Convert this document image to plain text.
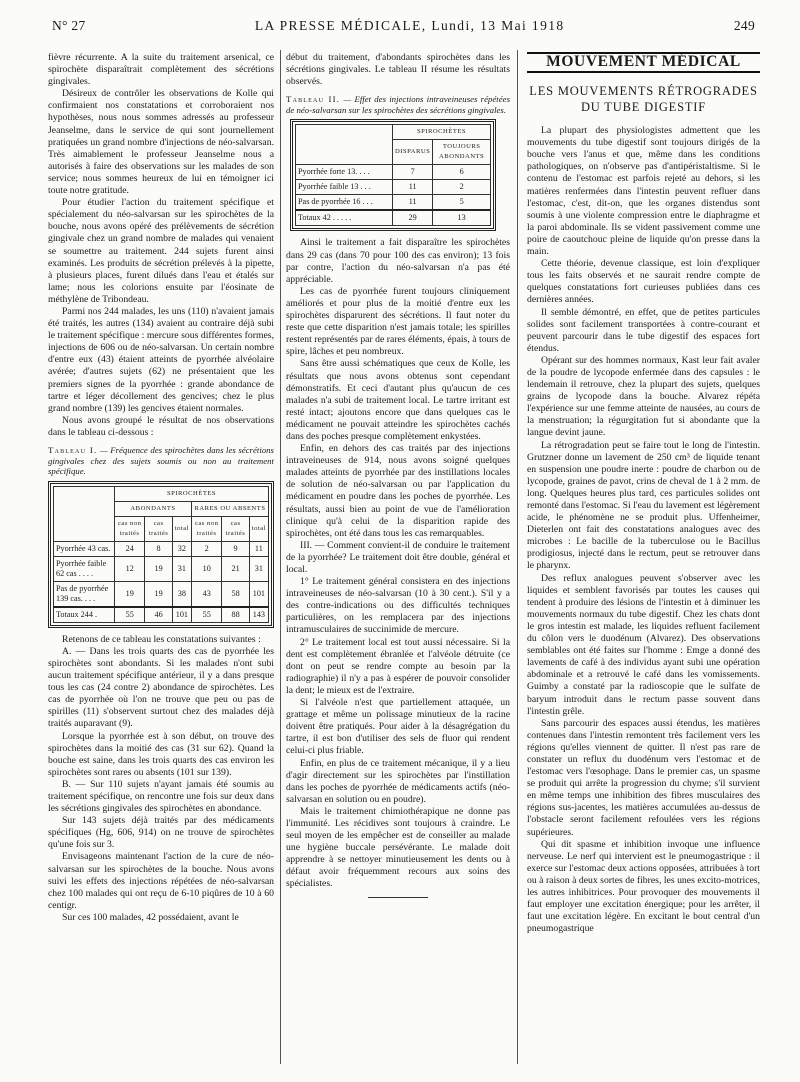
N° 27	LA PRESSE MÉDICALE, Lundi, 13 Mai 1918	249

fièvre récurrente. A la suite du traitement arsenical, ce spirochète disparaîtrait complètement des sécrétions gingivales.

Désireux de contrôler les observations de Kolle qui confirmaient nos constatations et corroboraient nos hypothèses, nous nous sommes adressés au professeur Jeanselme, dans le service de qui sont journellement pratiquées un grand nombre d'injections de néo-salvarsan. Très aimablement le professeur Jeanselme nous a autorisés à faire des observations sur les malades de son service; nous sommes heureux de lui en témoigner ici toute notre gratitude.

Pour étudier l'action du traitement spécifique et spécialement du néo-salvarsan sur les spirochètes de la bouche, nous avons opéré des prélèvements de sécrétion gingivale chez un grand nombre de malades qui venaient se soumettre au traitement. 244 sujets furent ainsi examinés. Les produits de sécrétion prélevés à la pipette, à plusieurs places, furent dilués dans l'eau et étalés sur lame; nous les colorions ensuite par l'éosinate de méthylène de Tribondeau.

Parmi nos 244 malades, les uns (110) n'avaient jamais été traités, les autres (134) avaient au contraire déjà subi le traitement spécifique : mercure sous différentes formes, injections de 606 ou de néo-salvarsan. Un certain nombre d'entre eux (43) étaient atteints de pyorrhée alvéolaire avérée; d'autres sujets (62) ne présentaient que les premiers signes de la pyorrhée : grande abondance de tartre et léger décollement des gencives; chez le plus grand nombre (139) les gencives étaient normales.

Nous avons groupé le résultat de nos observations dans le tableau ci-dessous :

Tableau I. — Fréquence des spirochètes dans les sécrétions gingivales chez des sujets soumis ou non au traitement spécifique.
	SPIROCHÈTES					
	ABONDANTS			RARES OU ABSENTS		
	cas non traités	cas traités	total	cas non traités	cas traités	total
Pyorrhée 43 cas.	24	8	32	2	9	11
Pyorrhée faible 62 cas . . . .	12	19	31	10	21	31
Pas de pyorrhée 139 cas. . . .	19	19	38	43	58	101
Totaux 244 .	55	46	101	55	88	143

Retenons de ce tableau les constatations suivantes :

A. — Dans les trois quarts des cas de pyorrhée les spirochètes sont abondants. Si les malades n'ont subi aucun traitement spécifique antérieur, il y a dans presque tous les cas (24 contre 2) abondance de spirochètes. Les cas de pyorrhée où l'on ne trouve que peu ou pas de spirilles (11) s'observent surtout chez des malades déjà traités auparavant (9).

Lorsque la pyorrhée est à son début, on trouve des spirochètes dans la moitié des cas (31 sur 62). Quand la bouche est saine, dans les trois quarts des cas environ les spirochètes sont rares ou absents (101 sur 139).

B. — Sur 110 sujets n'ayant jamais été soumis au traitement spécifique, on rencontre une fois sur deux dans les sécrétions gingivales des spirochètes en abondance.

Sur 143 sujets déjà traités par des médicaments spécifiques (Hg, 606, 914) on ne trouve de spirochètes qu'une fois sur 3.

Envisageons maintenant l'action de la cure de néo-salvarsan sur les spirochètes de la bouche. Nous avons suivi les effets des injections répétées de néo-salvarsan chez 100 malades qui ont reçu de 6-10 piqûres de 10 à 60 centigr.

Sur ces 100 malades, 42 possédaient, avant le

début du traitement, d'abondants spirochètes dans les sécrétions gingivales. Le tableau II résume les résultats observés.

Tableau II. — Effet des injections intraveineuses répétées de néo-salvarsan sur les spirochètes des sécrétions gingivales.
	SPIROCHÈTES	
	DISPARUS	TOUJOURS ABONDANTS
Pyorrhée forte 13. . . .	7	6
Pyorrhée faible 13 . . .	11	2
Pas de pyorrhée 16 . . .	11	5
Totaux 42 . . . . .	29	13

Ainsi le traitement a fait disparaître les spirochètes dans 29 cas (dans 70 pour 100 des cas environ); 13 fois par contre, l'action du néo-salvarsan n'a pas été appréciable.

Les cas de pyorrhée furent toujours cliniquement améliorés et pour plus de la moitié d'entre eux les spirochètes disparurent des sécrétions. Il faut noter du reste que cette disparition n'est jamais totale; les spirilles restent représentés par de rares éléments, épais, à tours de spire, lâches et peu nombreux.

Sans être aussi schématiques que ceux de Kolle, les résultats que nous avons obtenus sont cependant démonstratifs. Et ceci d'autant plus qu'aucun de ces malades n'a subi de traitement local. Le tartre irritant est resté intact; ajoutons encore que dans quelques cas le médicament ne pouvait atteindre les spirochètes cachés dans des poches presque complètement enkystées.

Enfin, en dehors des cas traités par des injections intraveineuses de 914, nous avons soigné quelques malades atteints de pyorrhée par des instillations locales de solution de néo-salvarsan ou par l'application du médicament en poudre dans les poches de pyorrhée. Les résultats, aussi bien au point de vue de l'amélioration clinique qu'à celui de la disparition rapide des spirochètes, ont été dans tous les cas remarquables.

III. — Comment convient-il de conduire le traitement de la pyorrhée? Le traitement doit être double, général et local.

1° Le traitement général consistera en des injections intraveineuses de néo-salvarsan (10 à 30 cent.). S'il y a des contre-indications ou des difficultés techniques particulières, on les remplacera par des injections intramusculaires de succinimide de mercure.

2° Le traitement local est tout aussi nécessaire. Si la dent est complètement ébranlée et l'alvéole détruite (ce dont on peut se rendre compte au besoin par la radiographie) il n'y a pas à espérer de pouvoir consolider la dent; le mieux est de l'extraire.

Si l'alvéole n'est que partiellement attaquée, un grattage et même un polissage minutieux de la racine doivent être pratiqués. Pour aider à la désagrégation du tartre, il est bon d'utiliser des sels de fluor qui rendent celui-ci plus friable.

Enfin, en plus de ce traitement mécanique, il y a lieu d'agir directement sur les spirochètes par l'instillation dans les poches de pyorrhée de médicaments actifs (néo-salvarsan en solution ou en poudre).

Mais le traitement chimiothérapique ne donne pas l'immunité. Les récidives sont toujours à craindre. Le seul moyen de les empêcher est de conseiller au malade une hygiène buccale persévérante. Le malade doit apprendre à se nettoyer minutieusement les dents ou à défaut avoir fréquemment recours aux soins des spécialistes.

MOUVEMENT MÉDICAL
LES MOUVEMENTS RÉTROGRADES DU TUBE DIGESTIF

La plupart des physiologistes admettent que les mouvements du tube digestif sont toujours dirigés de la bouche vers l'anus et que, même dans les conditions pathologiques, on n'observe pas d'antipéristaltisme. Si le contenu de l'estomac est parfois rejeté au dehors, si les matières renfermées dans l'intestin peuvent refluer dans l'estomac, c'est, dit-on, que les organes distendus sont soumis à une violente compression entre le diaphragme et la paroi abdominale. Ils se vident passivement comme une poire de caoutchouc pleine de liquide qu'on presse dans la main.

Cette théorie, devenue classique, est loin d'expliquer tous les faits observés et ne saurait rendre compte de quelques constatations fort curieuses publiées dans ces dernières années.

Il semble démontré, en effet, que de petites particules solides sont facilement transportées à contre-courant et peuvent parcourir dans le tube digestif des espaces fort étendus.

Opérant sur des hommes normaux, Kast leur fait avaler de la poudre de lycopode enfermée dans des capsules : le lendemain il retrouve, chez la plupart des sujets, quelques grains de lycopode dans la bouche. Alvarez répéta l'expérience sur une femme atteinte de nausées, au cours de la menstruation; la régurgitation fut si abondante que la langue devint jaune.

La rétrogradation peut se faire tout le long de l'intestin. Grutzner donne un lavement de 250 cm³ de liquide tenant en suspension une poudre inerte : poudre de charbon ou de lycopode, graines de pavot, crins de cheval de 1 à 2 mm. de long. Quelques heures plus tard, ces particules solides ont remonté dans l'estomac. Si l'eau du lavement est légèrement acide, le phénomène ne se produit plus. Uffenheimer, Dieterlen ont fait des constatations analogues avec des microbes : Le bacille de la tuberculose ou le Bacillus prodigiosus, injecté dans le rectum, peut se retrouver dans le pharynx.

Des reflux analogues peuvent s'observer avec les liquides et semblent favorisés par toutes les causes qui tendent à produire des lésions de l'intestin et à diminuer les mouvements normaux du tube digestif. Chez les chats dont le gros intestin est malade, les liquides refluent facilement du côlon vers le duodénum (Alvarez). Des observations semblables ont été faites sur l'homme : Emge a donné des lavements de café à des individus ayant subi une opération abdominale et a retrouvé le café dans les vomissements. Guimby a constaté par la radioscopie que le sulfate de baryum introduit dans le rectum passe souvent dans l'intestin grêle.

Sans parcourir des espaces aussi étendus, les matières contenues dans l'intestin remontent très facilement vers les régions qu'elles viennent de quitter. Il n'est pas rare de constater un reflux du duodénum vers l'estomac et de l'estomac vers l'œsophage. Dans le premier cas, un spasme se produit qui arrête la progression du chyme; s'il survient en même temps une inhibition des fibres musculaires des régions sus-jacentes, les matières accumulées au-dessus de l'obstacle seront facilement refoulées vers les régions supérieures.

Qui dit spasme et inhibition invoque une influence nerveuse. Le nerf qui intervient est le pneumogastrique : il exerce sur l'estomac deux actions opposées, attribuées à tort ou à raison à deux sortes de fibres, les unes excito-motrices, les autres inhibitrices. Pour provoquer des mouvements il faut employer une excitation énergique; pour les arrêter, il faut une excitation légère. En excitant le bout central d'un pneumogastrique
